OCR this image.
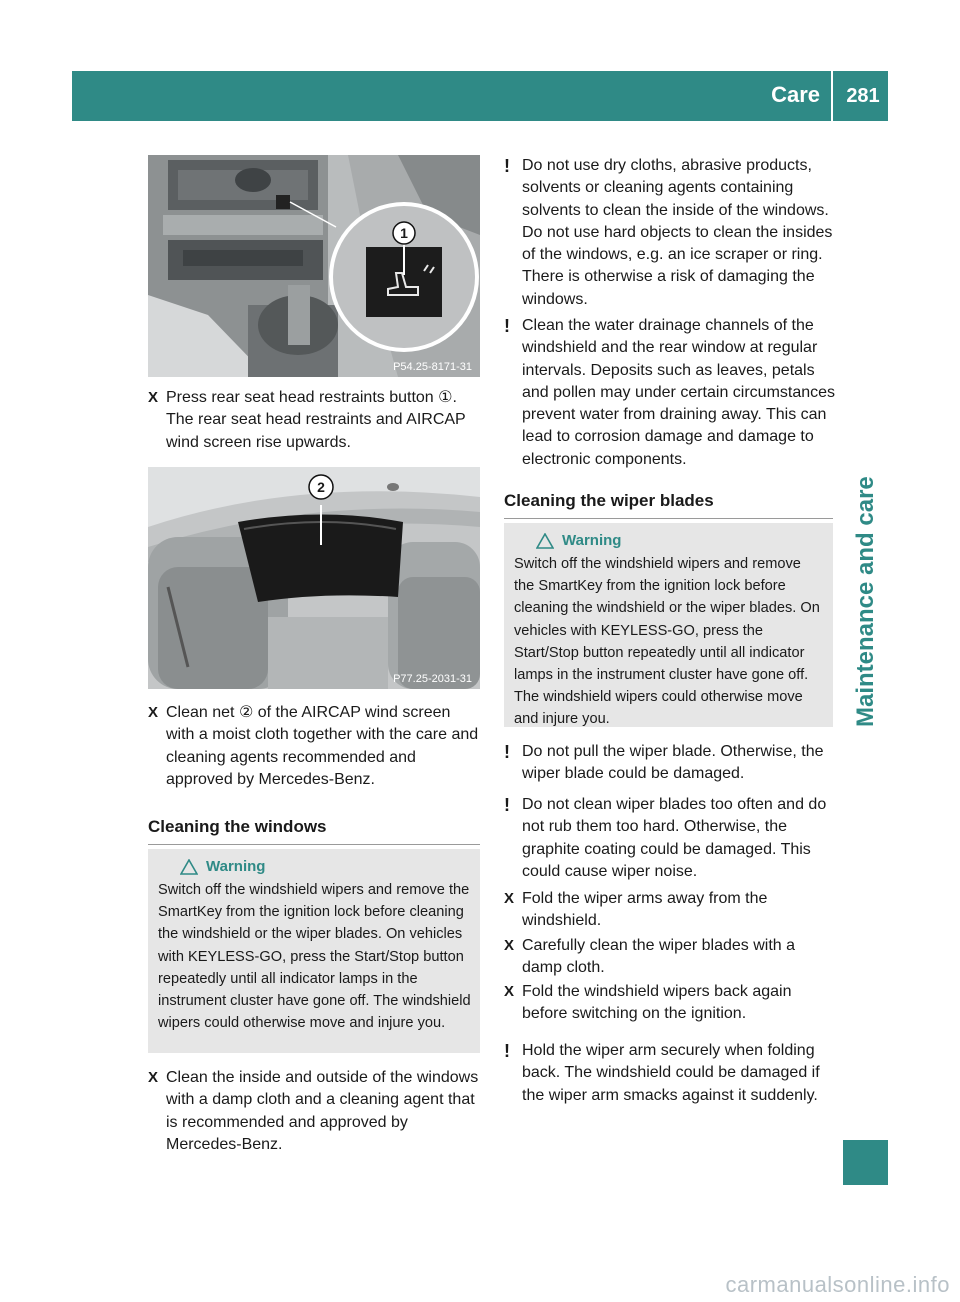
Care	281
Maintenance and care
1
P54.25-8171-31
X Press rear seat head restraints button ①. The rear seat head restraints and AIRCAP wind screen rise upwards.
2
P77.25-2031-31
X Clean net ② of the AIRCAP wind screen with a moist cloth together with the care and cleaning agents recommended and approved by Mercedes-Benz.
Cleaning the windows
Warning
Switch off the windshield wipers and remove the SmartKey from the ignition lock before cleaning the windshield or the wiper blades. On vehicles with KEYLESS-GO, press the Start/Stop button repeatedly until all indicator lamps in the instrument cluster have gone off. The windshield wipers could otherwise move and injure you.
X Clean the inside and outside of the windows with a damp cloth and a cleaning agent that is recommended and approved by Mercedes-Benz.
! Do not use dry cloths, abrasive products, solvents or cleaning agents containing solvents to clean the inside of the windows. Do not use hard objects to clean the insides of the windows, e.g. an ice scraper or ring. There is otherwise a risk of damaging the windows.
! Clean the water drainage channels of the windshield and the rear window at regular intervals. Deposits such as leaves, petals and pollen may under certain circumstances prevent water from draining away. This can lead to corrosion damage and damage to electronic components.
Cleaning the wiper blades
Warning
Switch off the windshield wipers and remove the SmartKey from the ignition lock before cleaning the windshield or the wiper blades. On vehicles with KEYLESS-GO, press the Start/Stop button repeatedly until all indicator lamps in the instrument cluster have gone off. The windshield wipers could otherwise move and injure you.
! Do not pull the wiper blade. Otherwise, the wiper blade could be damaged.
! Do not clean wiper blades too often and do not rub them too hard. Otherwise, the graphite coating could be damaged. This could cause wiper noise.
X Fold the wiper arms away from the windshield.
X Carefully clean the wiper blades with a damp cloth.
X Fold the windshield wipers back again before switching on the ignition.
! Hold the wiper arm securely when folding back. The windshield could be damaged if the wiper arm smacks against it suddenly.
carmanualsonline.info
